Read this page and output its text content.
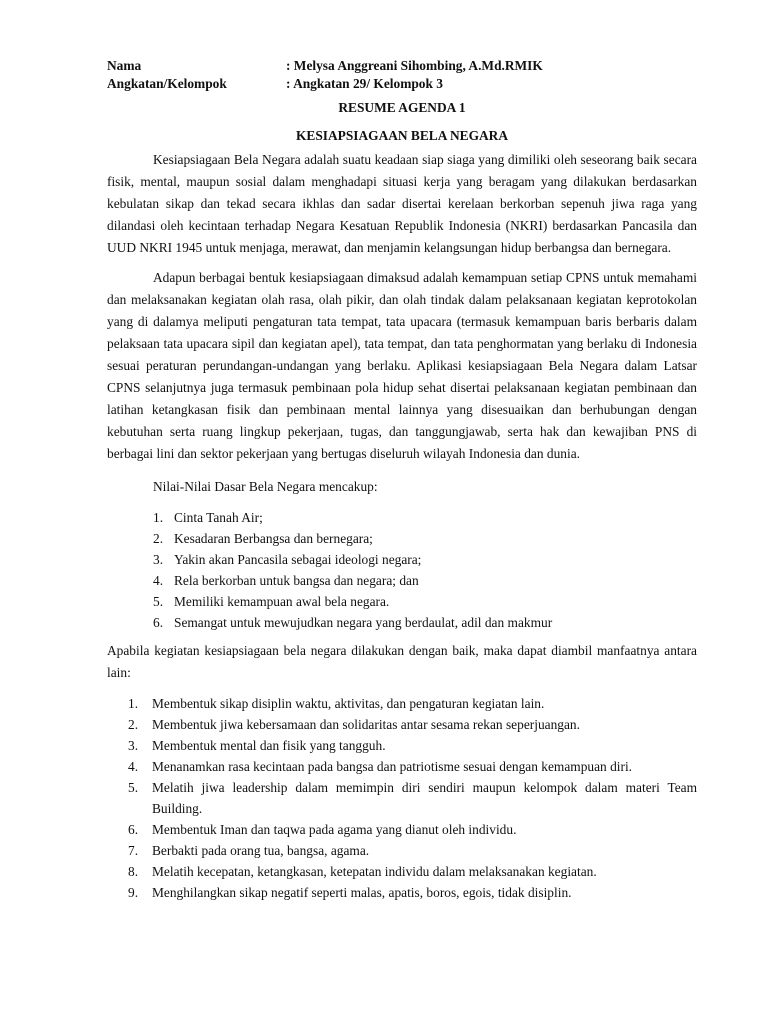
Nama	: Melysa Anggreani Sihombing, A.Md.RMIK
Angkatan/Kelompok	: Angkatan 29/ Kelompok 3
RESUME AGENDA 1
KESIAPSIAGAAN BELA NEGARA

Kesiapsiagaan Bela Negara adalah suatu keadaan siap siaga yang dimiliki oleh seseorang baik secara fisik, mental, maupun sosial dalam menghadapi situasi kerja yang beragam yang dilakukan berdasarkan kebulatan sikap dan tekad secara ikhlas dan sadar disertai kerelaan berkorban sepenuh jiwa raga yang dilandasi oleh kecintaan terhadap Negara Kesatuan Republik Indonesia (NKRI) berdasarkan Pancasila dan UUD NKRI 1945 untuk menjaga, merawat, dan menjamin kelangsungan hidup berbangsa dan bernegara.

Adapun berbagai bentuk kesiapsiagaan dimaksud adalah kemampuan setiap CPNS untuk memahami dan melaksanakan kegiatan olah rasa, olah pikir, dan olah tindak dalam pelaksanaan kegiatan keprotokolan yang di dalamya meliputi pengaturan tata tempat, tata upacara (termasuk kemampuan baris berbaris dalam pelaksaan tata upacara sipil dan kegiatan apel), tata tempat, dan tata penghormatan yang berlaku di Indonesia sesuai peraturan perundangan-undangan yang berlaku. Aplikasi kesiapsiagaan Bela Negara dalam Latsar CPNS selanjutnya juga termasuk pembinaan pola hidup sehat disertai pelaksanaan kegiatan pembinaan dan latihan ketangkasan fisik dan pembinaan mental lainnya yang disesuaikan dan berhubungan dengan kebutuhan serta ruang lingkup pekerjaan, tugas, dan tanggungjawab, serta hak dan kewajiban PNS di berbagai lini dan sektor pekerjaan yang bertugas diseluruh wilayah Indonesia dan dunia.

Nilai-Nilai Dasar Bela Negara mencakup:
1. Cinta Tanah Air;
2. Kesadaran Berbangsa dan bernegara;
3. Yakin akan Pancasila sebagai ideologi negara;
4. Rela berkorban untuk bangsa dan negara; dan
5. Memiliki kemampuan awal bela negara.
6. Semangat untuk mewujudkan negara yang berdaulat, adil dan makmur

Apabila kegiatan kesiapsiagaan bela negara dilakukan dengan baik, maka dapat diambil manfaatnya antara lain:

1.	Membentuk sikap disiplin waktu, aktivitas, dan pengaturan kegiatan lain.
2.	Membentuk jiwa kebersamaan dan solidaritas antar sesama rekan seperjuangan.
3.	Membentuk mental dan fisik yang tangguh.
4.	Menanamkan rasa kecintaan pada bangsa dan patriotisme sesuai dengan kemampuan diri.
5.	Melatih jiwa leadership dalam memimpin diri sendiri maupun kelompok dalam materi Team Building.
6.	Membentuk Iman dan taqwa pada agama yang dianut oleh individu.
7.	Berbakti pada orang tua, bangsa, agama.
8.	Melatih kecepatan, ketangkasan, ketepatan individu dalam melaksanakan kegiatan.
9.	Menghilangkan sikap negatif seperti malas, apatis, boros, egois, tidak disiplin.
